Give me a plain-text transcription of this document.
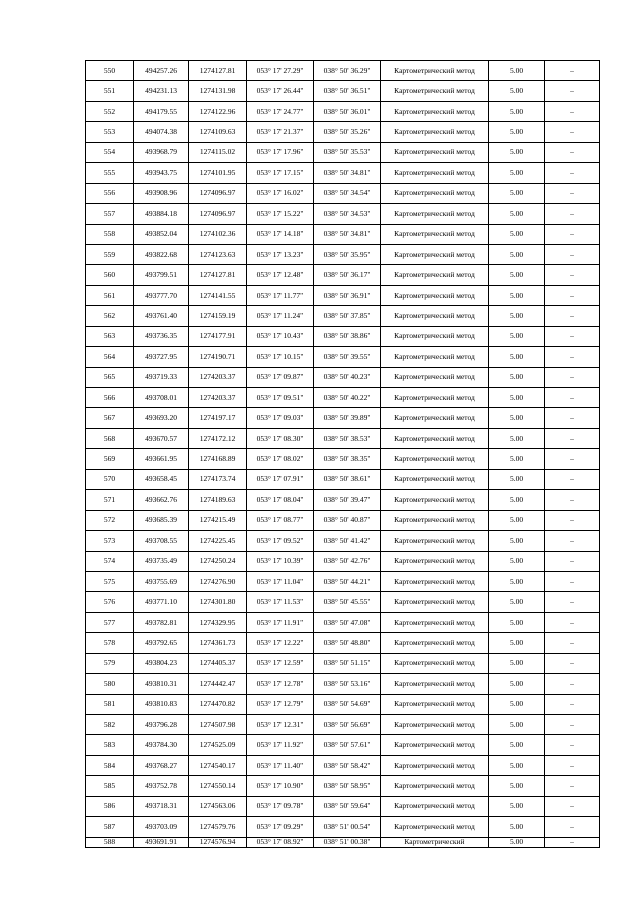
550	494257.26	1274127.81	053° 17' 27.29"	038° 50' 36.29"	Картометрический метод	5.00	–
551	494231.13	1274131.98	053° 17' 26.44"	038° 50' 36.51"	Картометрический метод	5.00	–
552	494179.55	1274122.96	053° 17' 24.77"	038° 50' 36.01"	Картометрический метод	5.00	–
553	494074.38	1274109.63	053° 17' 21.37"	038° 50' 35.26"	Картометрический метод	5.00	–
554	493968.79	1274115.02	053° 17' 17.96"	038° 50' 35.53"	Картометрический метод	5.00	–
555	493943.75	1274101.95	053° 17' 17.15"	038° 50' 34.81"	Картометрический метод	5.00	–
556	493908.96	1274096.97	053° 17' 16.02"	038° 50' 34.54"	Картометрический метод	5.00	–
557	493884.18	1274096.97	053° 17' 15.22"	038° 50' 34.53"	Картометрический метод	5.00	–
558	493852.04	1274102.36	053° 17' 14.18"	038° 50' 34.81"	Картометрический метод	5.00	–
559	493822.68	1274123.63	053° 17' 13.23"	038° 50' 35.95"	Картометрический метод	5.00	–
560	493799.51	1274127.81	053° 17' 12.48"	038° 50' 36.17"	Картометрический метод	5.00	–
561	493777.70	1274141.55	053° 17' 11.77"	038° 50' 36.91"	Картометрический метод	5.00	–
562	493761.40	1274159.19	053° 17' 11.24"	038° 50' 37.85"	Картометрический метод	5.00	–
563	493736.35	1274177.91	053° 17' 10.43"	038° 50' 38.86"	Картометрический метод	5.00	–
564	493727.95	1274190.71	053° 17' 10.15"	038° 50' 39.55"	Картометрический метод	5.00	–
565	493719.33	1274203.37	053° 17' 09.87"	038° 50' 40.23"	Картометрический метод	5.00	–
566	493708.01	1274203.37	053° 17' 09.51"	038° 50' 40.22"	Картометрический метод	5.00	–
567	493693.20	1274197.17	053° 17' 09.03"	038° 50' 39.89"	Картометрический метод	5.00	–
568	493670.57	1274172.12	053° 17' 08.30"	038° 50' 38.53"	Картометрический метод	5.00	–
569	493661.95	1274168.89	053° 17' 08.02"	038° 50' 38.35"	Картометрический метод	5.00	–
570	493658.45	1274173.74	053° 17' 07.91"	038° 50' 38.61"	Картометрический метод	5.00	–
571	493662.76	1274189.63	053° 17' 08.04"	038° 50' 39.47"	Картометрический метод	5.00	–
572	493685.39	1274215.49	053° 17' 08.77"	038° 50' 40.87"	Картометрический метод	5.00	–
573	493708.55	1274225.45	053° 17' 09.52"	038° 50' 41.42"	Картометрический метод	5.00	–
574	493735.49	1274250.24	053° 17' 10.39"	038° 50' 42.76"	Картометрический метод	5.00	–
575	493755.69	1274276.90	053° 17' 11.04"	038° 50' 44.21"	Картометрический метод	5.00	–
576	493771.10	1274301.80	053° 17' 11.53"	038° 50' 45.55"	Картометрический метод	5.00	–
577	493782.81	1274329.95	053° 17' 11.91"	038° 50' 47.08"	Картометрический метод	5.00	–
578	493792.65	1274361.73	053° 17' 12.22"	038° 50' 48.80"	Картометрический метод	5.00	–
579	493804.23	1274405.37	053° 17' 12.59"	038° 50' 51.15"	Картометрический метод	5.00	–
580	493810.31	1274442.47	053° 17' 12.78"	038° 50' 53.16"	Картометрический метод	5.00	–
581	493810.83	1274470.82	053° 17' 12.79"	038° 50' 54.69"	Картометрический метод	5.00	–
582	493796.28	1274507.98	053° 17' 12.31"	038° 50' 56.69"	Картометрический метод	5.00	–
583	493784.30	1274525.09	053° 17' 11.92"	038° 50' 57.61"	Картометрический метод	5.00	–
584	493768.27	1274540.17	053° 17' 11.40"	038° 50' 58.42"	Картометрический метод	5.00	–
585	493752.78	1274550.14	053° 17' 10.90"	038° 50' 58.95"	Картометрический метод	5.00	–
586	493718.31	1274563.06	053° 17' 09.78"	038° 50' 59.64"	Картометрический метод	5.00	–
587	493703.09	1274579.76	053° 17' 09.29"	038° 51' 00.54"	Картометрический метод	5.00	–
588	493691.91	1274576.94	053° 17' 08.92"	038° 51' 00.38"	Картометрический	5.00	–
